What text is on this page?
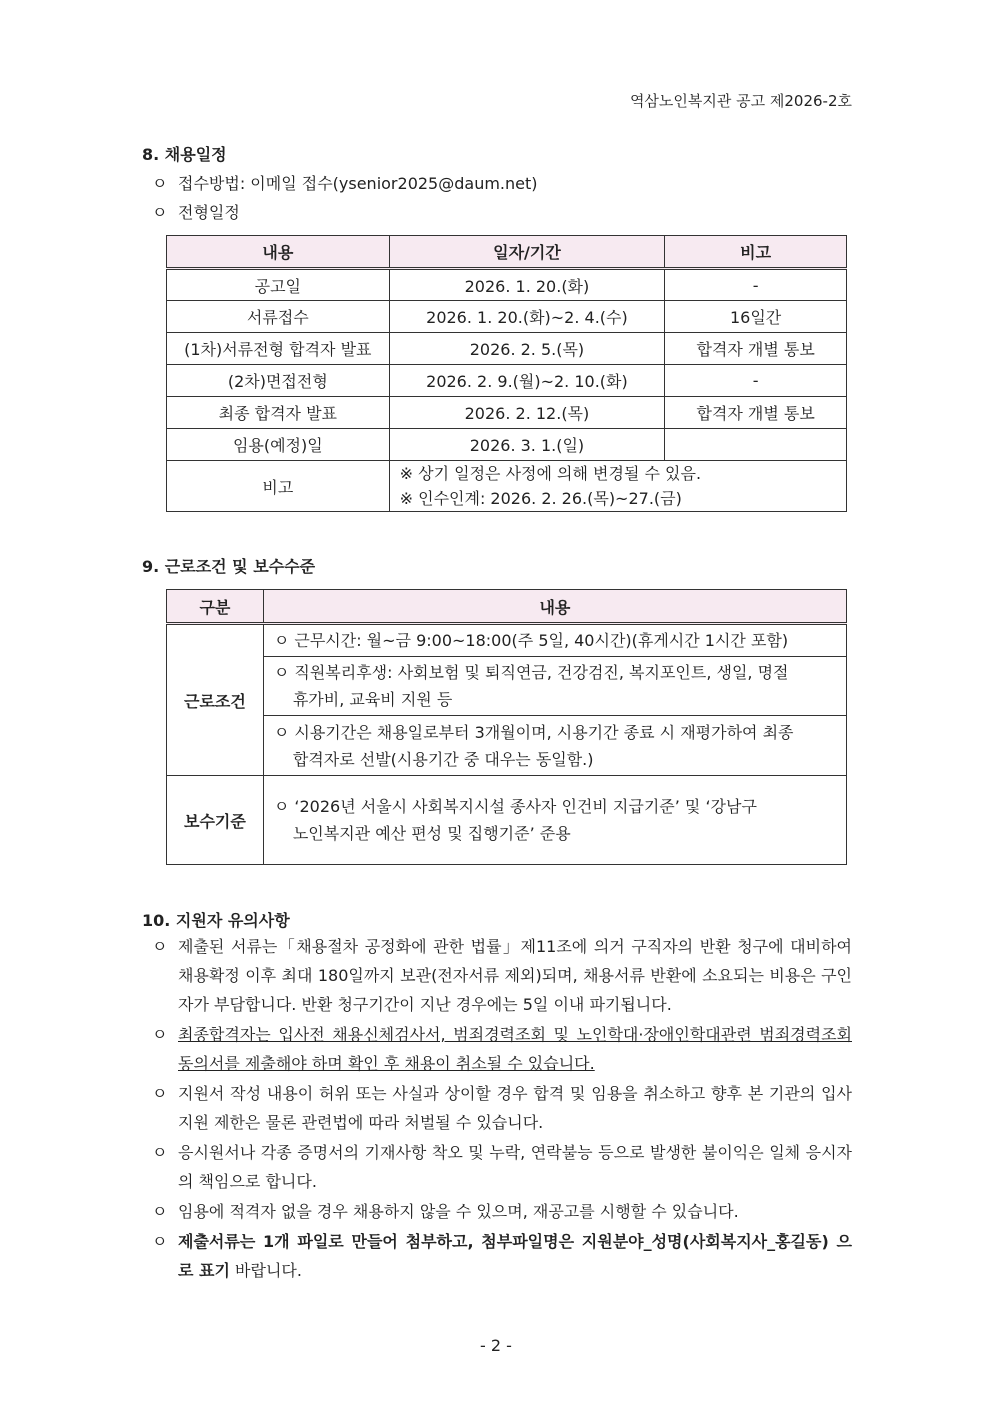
역삼노인복지관 공고 제2026-2호
8. 채용일정
ㅇ 접수방법: 이메일 접수(ysenior2025@daum.net)
ㅇ 전형일정
내용	일자/기간	비고
공고일	2026. 1. 20.(화)	-
서류접수	2026. 1. 20.(화)~2. 4.(수)	16일간
(1차)서류전형 합격자 발표	2026. 2. 5.(목)	합격자 개별 통보
(2차)면접전형	2026. 2. 9.(월)~2. 10.(화)	-
최종 합격자 발표	2026. 2. 12.(목)	합격자 개별 통보
임용(예정)일	2026. 3. 1.(일)	
비고	※ 상기 일정은 사정에 의해 변경될 수 있음.
※ 인수인계: 2026. 2. 26.(목)~27.(금)	
9. 근로조건 및 보수수준
구분	내용
근로조건	ㅇ 근무시간: 월~금 9:00~18:00(주 5일, 40시간)(휴게시간 1시간 포함)

	ㅇ 직원복리후생: 사회보험 및 퇴직연금, 건강검진, 복지포인트, 생일, 명절
휴가비, 교육비 지원 등

	ㅇ 시용기간은 채용일로부터 3개월이며, 시용기간 종료 시 재평가하여 최종
합격자로 선발(시용기간 중 대우는 동일함.)

보수기준	ㅇ ‘2026년 서울시 사회복지시설 종사자 인건비 지급기준’ 및 ‘강남구
노인복지관 예산 편성 및 집행기준’ 준용
10. 지원자 유의사항
ㅇ 제출된 서류는「채용절차 공정화에 관한 법률」제11조에 의거 구직자의 반환 청구에 대비하여 채용확정 이후 최대 180일까지 보관(전자서류 제외)되며, 채용서류 반환에 소요되는 비용은 구인자가 부담합니다. 반환 청구기간이 지난 경우에는 5일 이내 파기됩니다.
ㅇ 최종합격자는 입사전 채용신체검사서, 범죄경력조회 및 노인학대·장애인학대관련 범죄경력조회 동의서를 제출해야 하며 확인 후 채용이 취소될 수 있습니다.
ㅇ 지원서 작성 내용이 허위 또는 사실과 상이할 경우 합격 및 임용을 취소하고 향후 본 기관의 입사지원 제한은 물론 관련법에 따라 처벌될 수 있습니다.
ㅇ 응시원서나 각종 증명서의 기재사항 착오 및 누락, 연락불능 등으로 발생한 불이익은 일체 응시자의 책임으로 합니다.
ㅇ 임용에 적격자 없을 경우 채용하지 않을 수 있으며, 재공고를 시행할 수 있습니다.
ㅇ 제출서류는 1개 파일로 만들어 첨부하고, 첨부파일명은 지원분야_성명(사회복지사_홍길동) 으로 표기 바랍니다.
- 2 -
